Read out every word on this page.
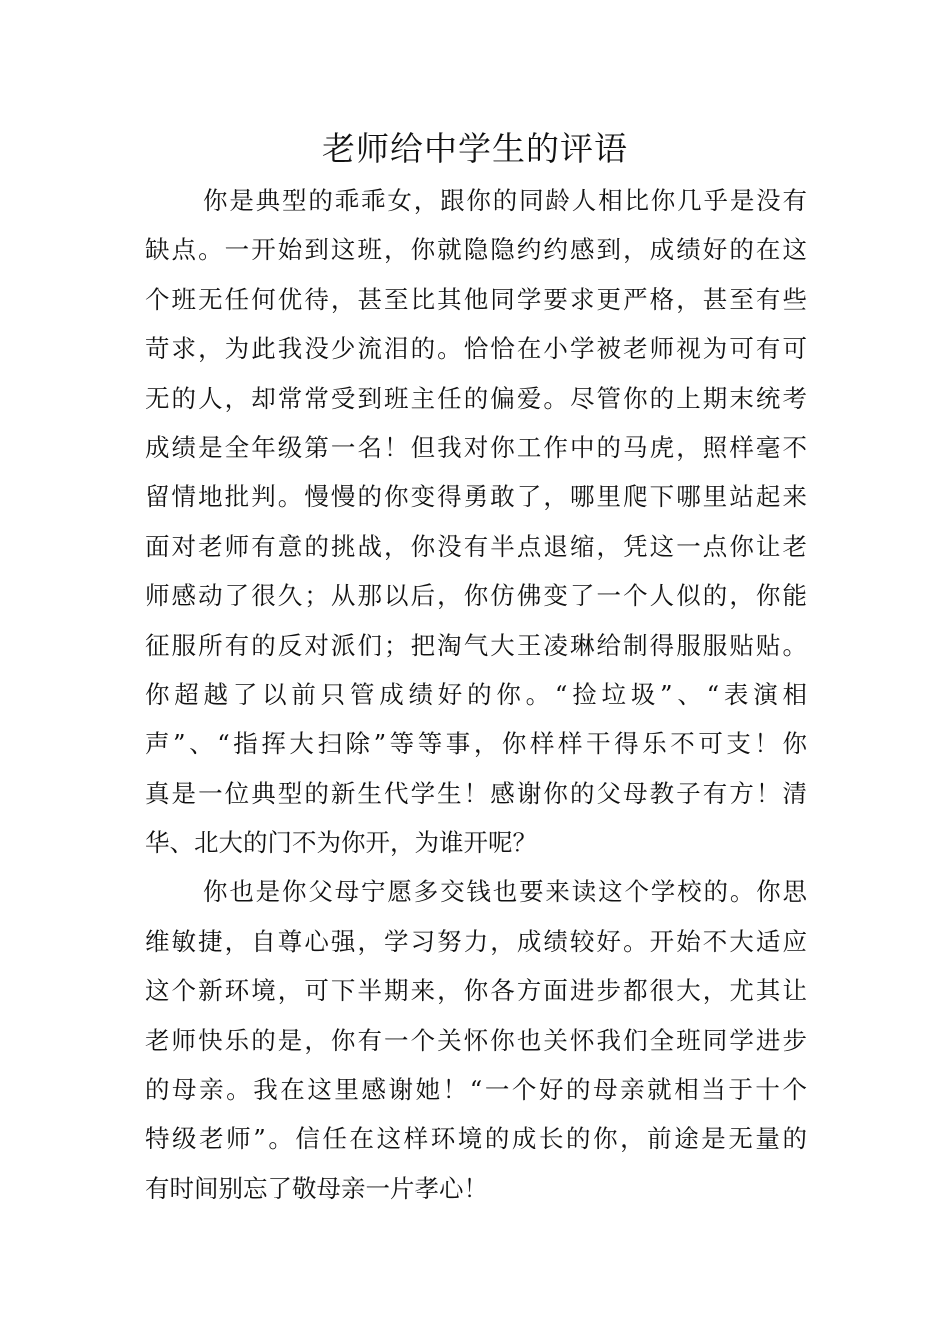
老师给中学生的评语
你是典型的乖乖女，跟你的同龄人相比你几乎是没有
缺点。一开始到这班，你就隐隐约约感到，成绩好的在这
个班无任何优待，甚至比其他同学要求更严格，甚至有些
苛求，为此我没少流泪的。恰恰在小学被老师视为可有可
无的人，却常常受到班主任的偏爱。尽管你的上期末统考
成绩是全年级第一名！但我对你工作中的马虎，照样毫不
留情地批判。慢慢的你变得勇敢了，哪里爬下哪里站起来
面对老师有意的挑战，你没有半点退缩，凭这一点你让老
师感动了很久；从那以后，你仿佛变了一个人似的，你能
征服所有的反对派们；把淘气大王凌琳给制得服服贴贴。
你超越了以前只管成绩好的你。“捡垃圾”、“表演相
声”、“指挥大扫除”等等事，你样样干得乐不可支！你
真是一位典型的新生代学生！感谢你的父母教子有方！清
华、北大的门不为你开，为谁开呢？
你也是你父母宁愿多交钱也要来读这个学校的。你思
维敏捷，自尊心强，学习努力，成绩较好。开始不大适应
这个新环境，可下半期来，你各方面进步都很大，尤其让
老师快乐的是，你有一个关怀你也关怀我们全班同学进步
的母亲。我在这里感谢她！“一个好的母亲就相当于十个
特级老师”。信任在这样环境的成长的你，前途是无量的
有时间别忘了敬母亲一片孝心！
